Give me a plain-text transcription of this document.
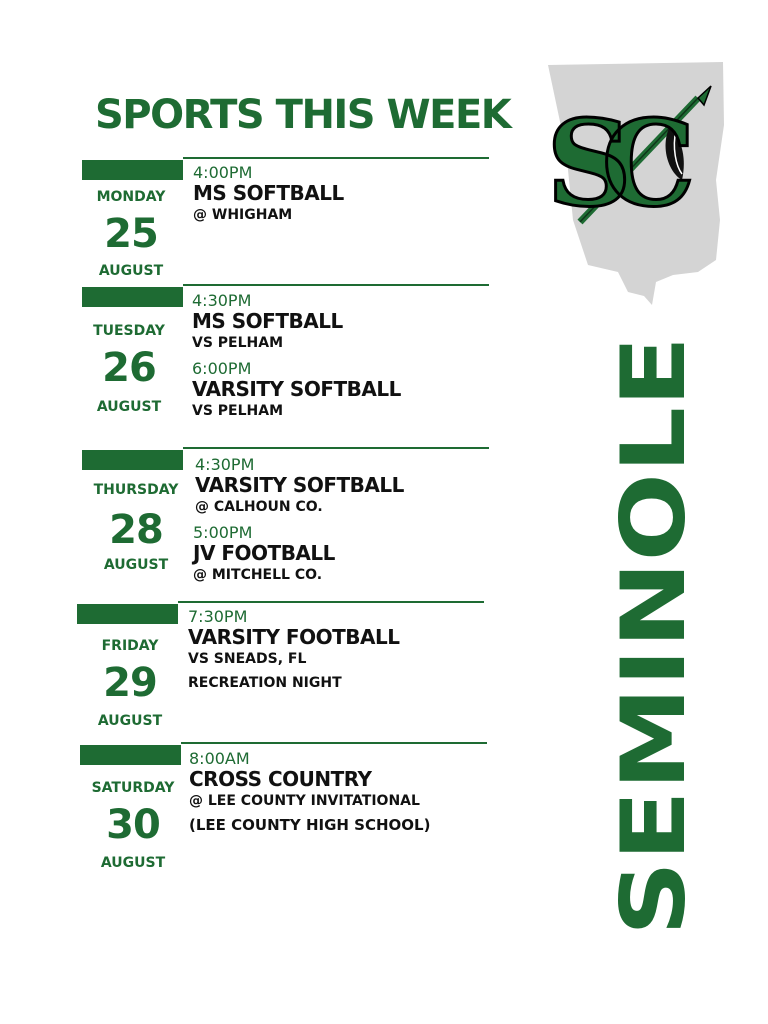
SPORTS THIS WEEK
MONDAY
25
AUGUST
4:00PM
MS SOFTBALL
@ WHIGHAM
TUESDAY
26
AUGUST
4:30PM
MS SOFTBALL
VS PELHAM
6:00PM
VARSITY SOFTBALL
VS PELHAM
THURSDAY
28
AUGUST
4:30PM
VARSITY SOFTBALL
@ CALHOUN CO.
5:00PM
JV FOOTBALL
@ MITCHELL CO.
FRIDAY
29
AUGUST
7:30PM
VARSITY FOOTBALL
VS SNEADS, FL
RECREATION NIGHT
SATURDAY
30
AUGUST
8:00AM
CROSS COUNTRY
@ LEE COUNTY INVITATIONAL
(LEE COUNTY HIGH SCHOOL)
SC
SEMINOLE
